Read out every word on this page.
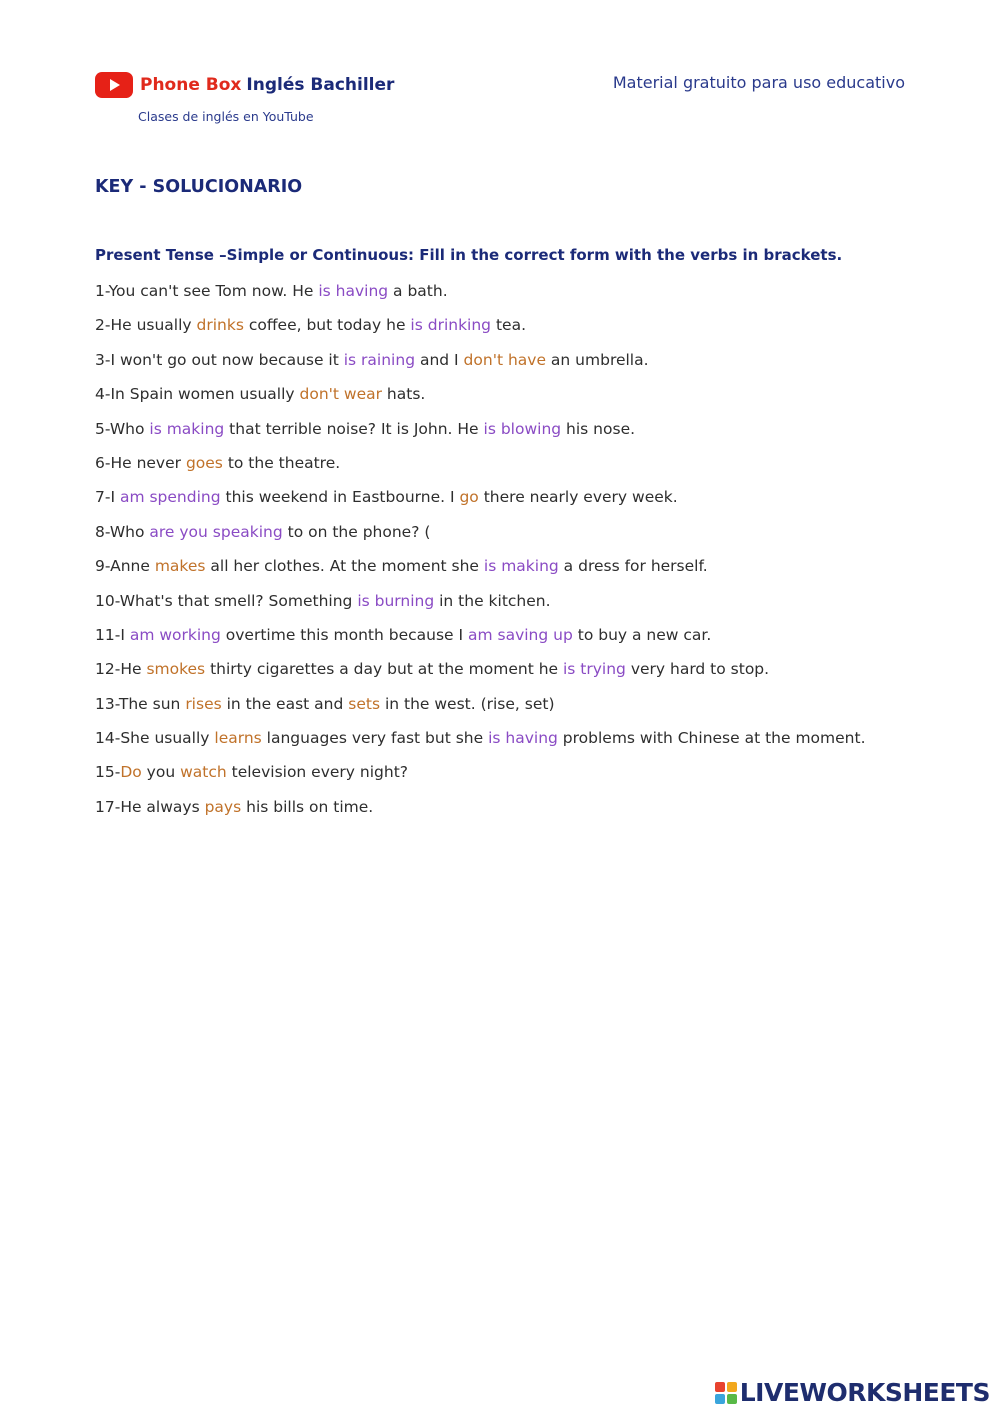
Phone Box Inglés Bachiller
Clases de inglés en YouTube
Material gratuito para uso educativo
KEY - SOLUCIONARIO
Present Tense –Simple or Continuous: Fill in the correct form with the verbs in brackets.
1-You can't see Tom now. He is having a bath.
2-He usually drinks coffee, but today he is drinking tea.
3-I won't go out now because it is raining and I don't have an umbrella.
4-In Spain women usually don't wear hats.
5-Who is making that terrible noise? It is John. He is blowing his nose.
6-He never goes to the theatre.
7-I am spending this weekend in Eastbourne. I go there nearly every week.
8-Who are you speaking to on the phone? (
9-Anne makes all her clothes. At the moment she is making a dress for herself.
10-What's that smell? Something is burning in the kitchen.
11-I am working overtime this month because I am saving up to buy a new car.
12-He smokes thirty cigarettes a day but at the moment he is trying very hard to stop.
13-The sun rises in the east and sets in the west. (rise, set)
14-She usually learns languages very fast but she is having problems with Chinese at the moment.
15-Do you watch television every night?
17-He always pays his bills on time.
LIVEWORKSHEETS
